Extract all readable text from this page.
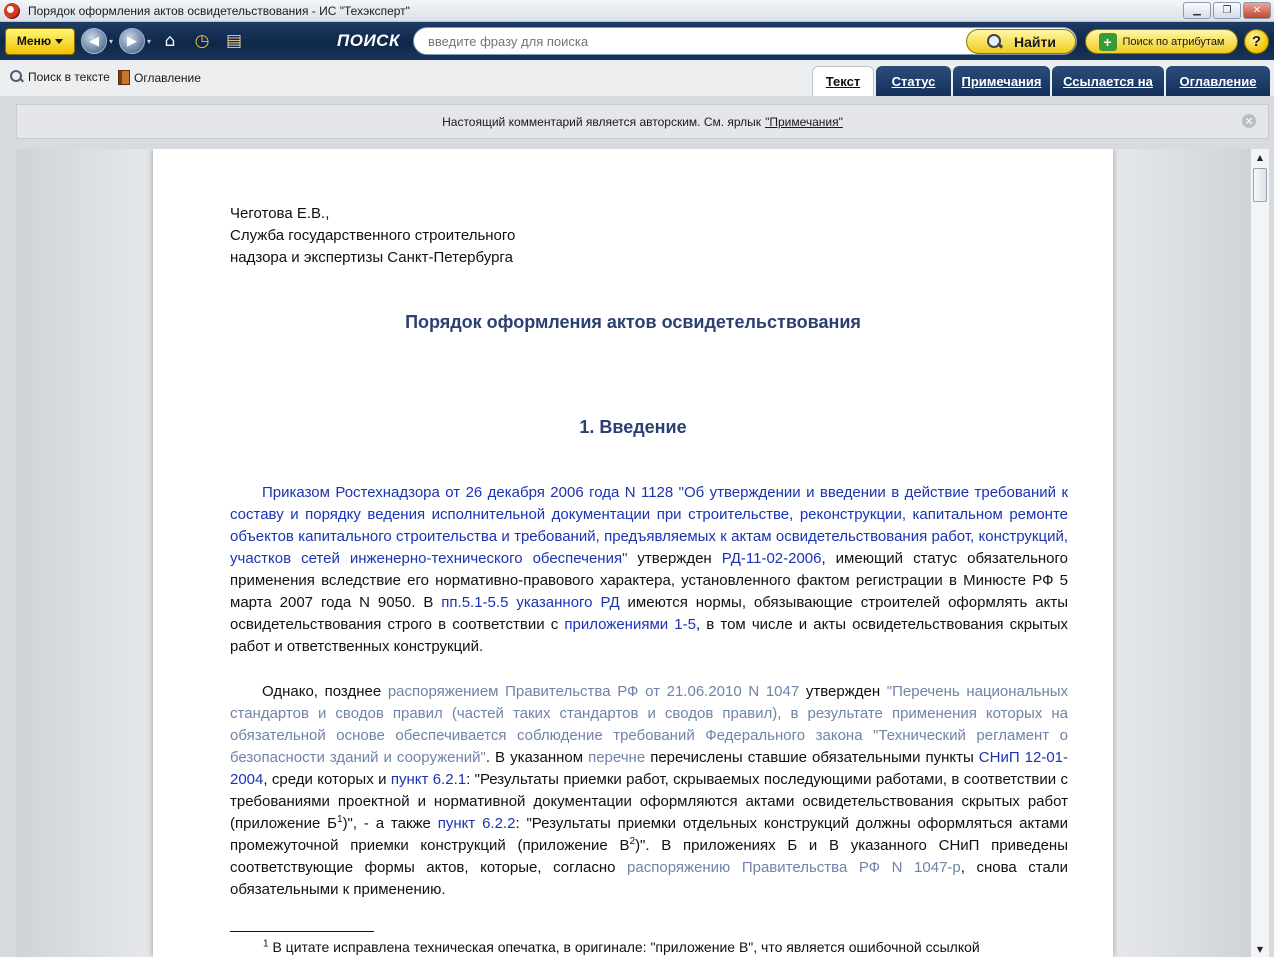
Порядок оформления актов освидетельствования - ИС "Техэксперт"	▁	❐	✕
Меню	◀	▾	▶	▾ ⌂	◷ ▤	ПОИСК
введите фразу для поиска	Найти	+ Поиск по атрибутам	?
Поиск в тексте Оглавление	Текст	Статус	Примечания	Ссылается на	Оглавление
Настоящий комментарий является авторским. См. ярлык "Примечания"	✕
Чеготова Е.В.,
Служба государственного строительного
надзора и экспертизы Санкт-Петербурга
Порядок оформления актов освидетельствования
1. Введение
Приказом Ростехнадзора от 26 декабря 2006 года N 1128 "Об утверждении и введении в действие требований к составу и порядку ведения исполнительной документации при строительстве, реконструкции, капитальном ремонте объектов капитального строительства и требований, предъявляемых к актам освидетельствования работ, конструкций, участков сетей инженерно-технического обеспечения" утвержден РД-11-02-2006, имеющий статус обязательного применения вследствие его нормативно-правового характера, установленного фактом регистрации в Минюсте РФ 5 марта 2007 года N 9050. В пп.5.1-5.5 указанного РД имеются нормы, обязывающие строителей оформлять акты освидетельствования строго в соответствии с приложениями 1-5, в том числе и акты освидетельствования скрытых работ и ответственных конструкций.
Однако, позднее распоряжением Правительства РФ от 21.06.2010 N 1047 утвержден "Перечень национальных стандартов и сводов правил (частей таких стандартов и сводов правил), в результате применения которых на обязательной основе обеспечивается соблюдение требований Федерального закона "Технический регламент о безопасности зданий и сооружений". В указанном перечне перечислены ставшие обязательными пункты СНиП 12-01-2004, среди которых и пункт 6.2.1: "Результаты приемки работ, скрываемых последующими работами, в соответствии с требованиями проектной и нормативной документации оформляются актами освидетельствования скрытых работ (приложение $Б^1$)", - а также пункт 6.2.2: "Результаты приемки отдельных конструкций должны оформляться актами промежуточной приемки конструкций (приложение $В^2$)". В приложениях Б и В указанного СНиП приведены соответствующие формы актов, которые, согласно распоряжению Правительства РФ N 1047-р, снова стали обязательными к применению.
$^1$ В цитате исправлена техническая опечатка, в оригинале: "приложение В", что является ошибочной ссылкой
▲
▼
